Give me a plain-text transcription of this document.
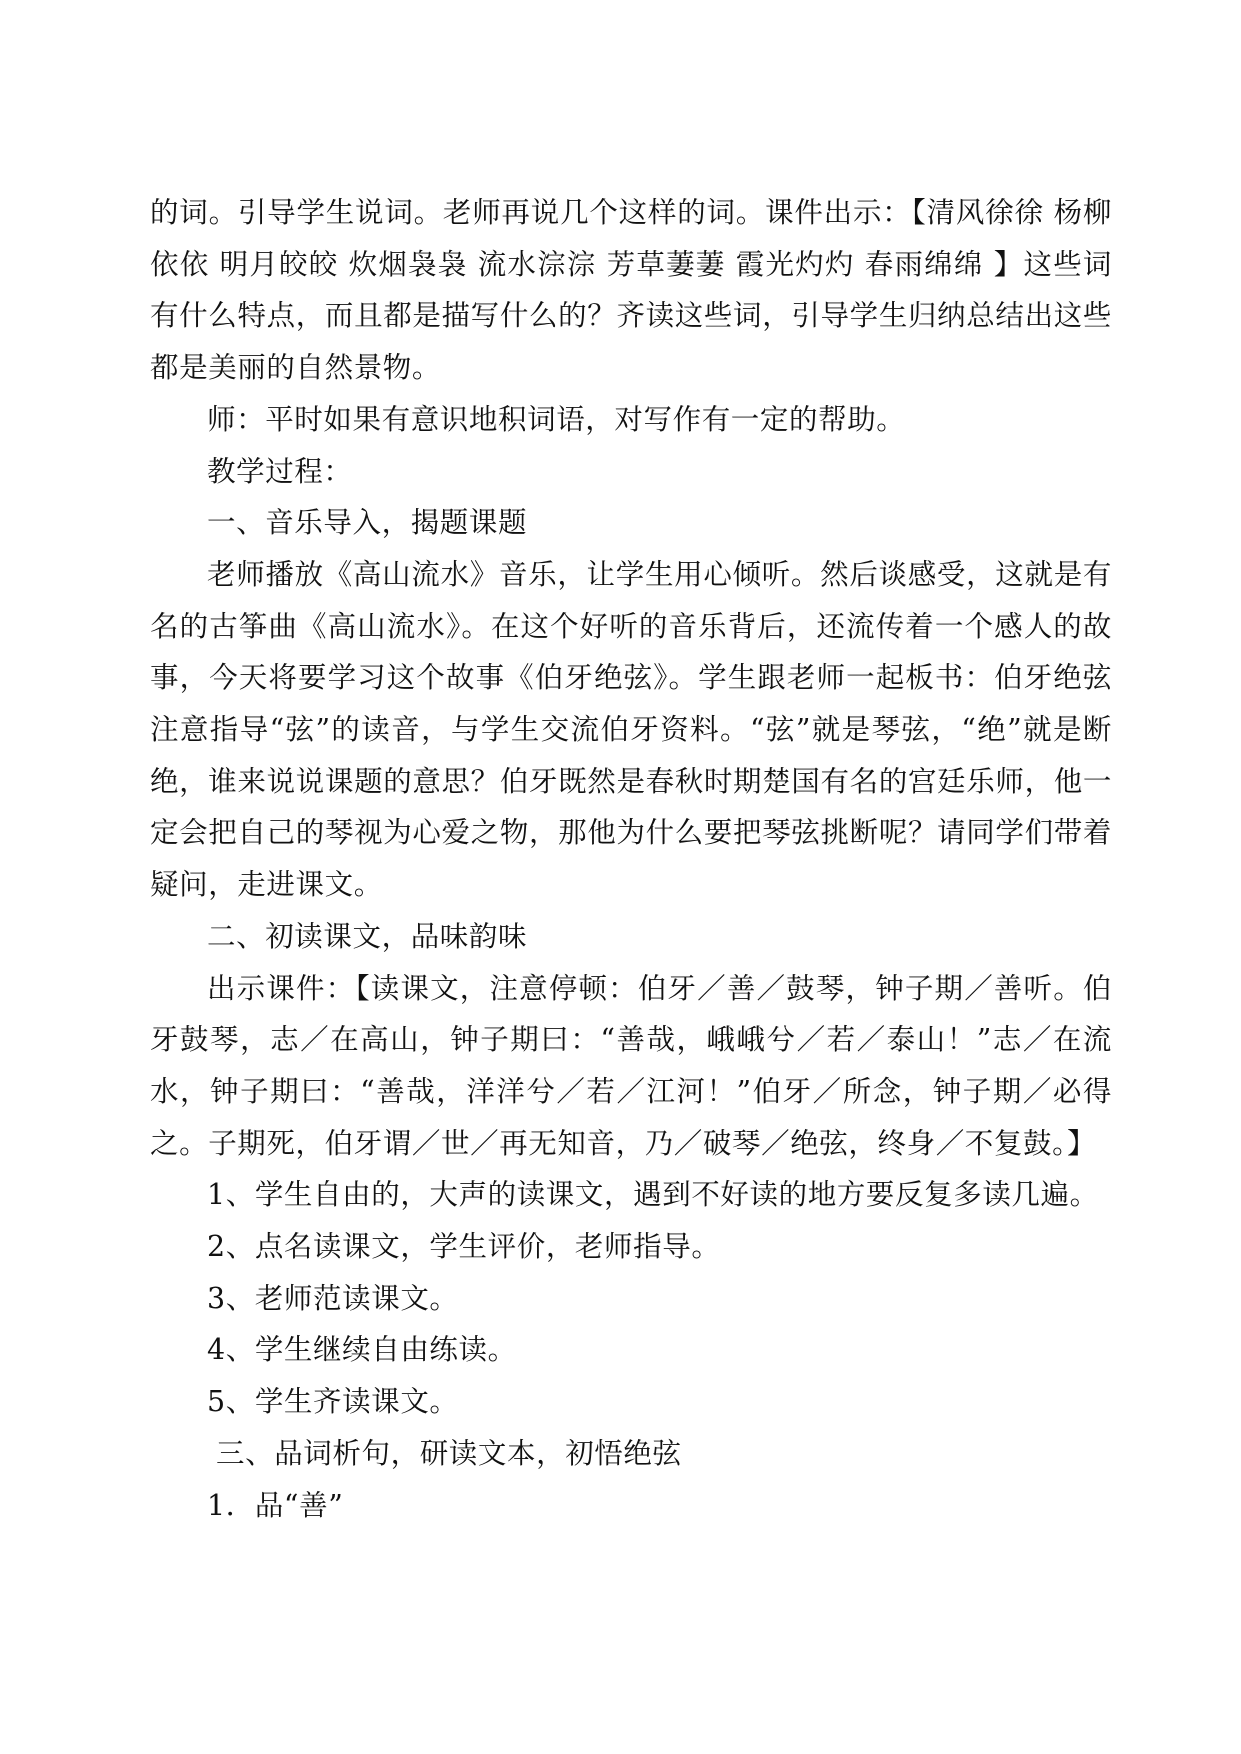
的词。引导学生说词。老师再说几个这样的词。课件出示：【清风徐徐 杨柳依依 明月皎皎 炊烟袅袅 流水淙淙 芳草萋萋 霞光灼灼 春雨绵绵 】这些词有什么特点，而且都是描写什么的？齐读这些词，引导学生归纳总结出这些都是美丽的自然景物。

师：平时如果有意识地积词语，对写作有一定的帮助。

教学过程：

一、音乐导入，揭题课题

老师播放《高山流水》音乐，让学生用心倾听。然后谈感受，这就是有名的古筝曲《高山流水》。在这个好听的音乐背后，还流传着一个感人的故事，今天将要学习这个故事《伯牙绝弦》。学生跟老师一起板书：伯牙绝弦注意指导“弦”的读音，与学生交流伯牙资料。“弦”就是琴弦，“绝”就是断绝，谁来说说课题的意思？伯牙既然是春秋时期楚国有名的宫廷乐师，他一定会把自己的琴视为心爱之物，那他为什么要把琴弦挑断呢？请同学们带着疑问，走进课文。

二、初读课文，品味韵味

出示课件：【读课文，注意停顿：伯牙／善／鼓琴，钟子期／善听。伯牙鼓琴，志／在高山，钟子期曰：“善哉，峨峨兮／若／泰山！”志／在流水，钟子期曰：“善哉，洋洋兮／若／江河！”伯牙／所念，钟子期／必得之。子期死，伯牙谓／世／再无知音，乃／破琴／绝弦，终身／不复鼓。】

1、学生自由的，大声的读课文，遇到不好读的地方要反复多读几遍。

2、点名读课文，学生评价，老师指导。

3、老师范读课文。

4、学生继续自由练读。

5、学生齐读课文。

三、品词析句，研读文本，初悟绝弦

1．品“善”
